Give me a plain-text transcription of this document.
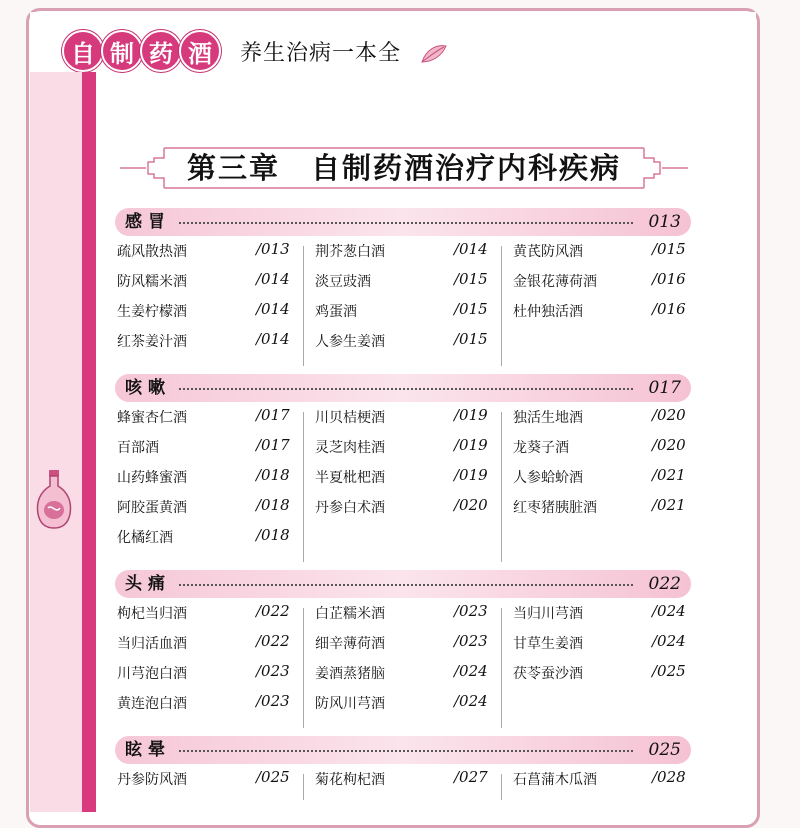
自 制 药 酒	养生治病一本全
第三章　自制药酒治疗内科疾病
感冒	013
疏风散热酒	/013
防风糯米酒	/014
生姜柠檬酒	/014
红茶姜汁酒	/014
荆芥葱白酒	/014
淡豆豉酒	/015
鸡蛋酒	/015
人参生姜酒	/015
黄芪防风酒	/015
金银花薄荷酒	/016
杜仲独活酒	/016
咳嗽	017
蜂蜜杏仁酒	/017
百部酒	/017
山药蜂蜜酒	/018
阿胶蛋黄酒	/018
化橘红酒	/018
川贝桔梗酒	/019
灵芝肉桂酒	/019
半夏枇杷酒	/019
丹参白术酒	/020
独活生地酒	/020
龙葵子酒	/020
人参蛤蚧酒	/021
红枣猪胰脏酒	/021
头痛	022
枸杞当归酒	/022
当归活血酒	/022
川芎泡白酒	/023
黄连泡白酒	/023
白芷糯米酒	/023
细辛薄荷酒	/023
姜酒蒸猪脑	/024
防风川芎酒	/024
当归川芎酒	/024
甘草生姜酒	/024
茯苓蚕沙酒	/025
眩晕	025
丹参防风酒	/025 菊花枸杞酒	/027 石菖蒲木瓜酒	/028
